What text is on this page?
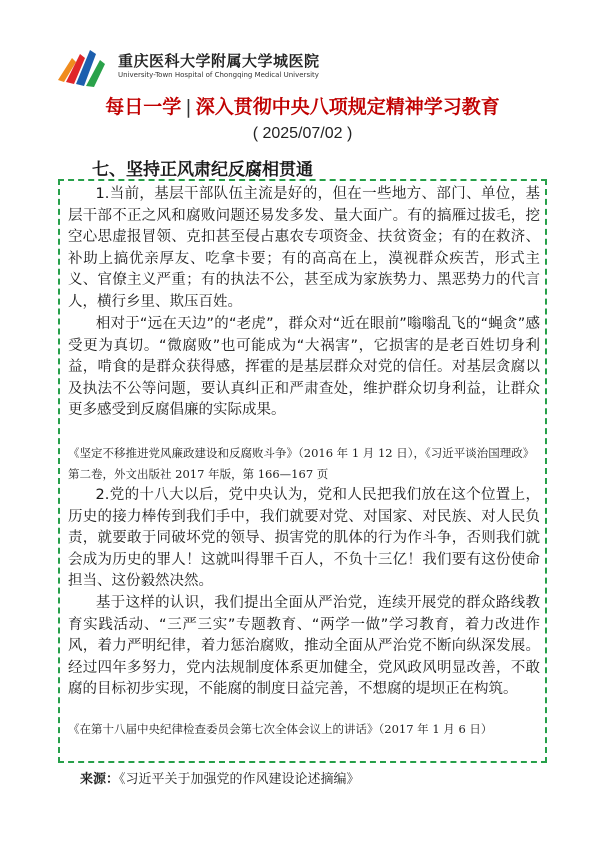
重庆医科大学附属大学城医院
University-Town Hospital of Chongqing Medical University
每日一学 | 深入贯彻中央八项规定精神学习教育
( 2025/07/02 )
七、坚持正风肃纪反腐相贯通
1.当前，基层干部队伍主流是好的，但在一些地方、部门、单位，基层干部不正之风和腐败问题还易发多发、量大面广。有的搞雁过拔毛，挖空心思虚报冒领、克扣甚至侵占惠农专项资金、扶贫资金；有的在救济、补助上搞优亲厚友、吃拿卡要；有的高高在上，漠视群众疾苦，形式主义、官僚主义严重；有的执法不公，甚至成为家族势力、黑恶势力的代言人，横行乡里、欺压百姓。
相对于“远在天边”的“老虎”，群众对“近在眼前”嗡嗡乱飞的“蝇贪”感受更为真切。“微腐败”也可能成为“大祸害”，它损害的是老百姓切身利益，啃食的是群众获得感，挥霍的是基层群众对党的信任。对基层贪腐以及执法不公等问题，要认真纠正和严肃查处，维护群众切身利益，让群众更多感受到反腐倡廉的实际成果。
《坚定不移推进党风廉政建设和反腐败斗争》（2016 年 1 月 12 日），《习近平谈治国理政》第二卷，外文出版社 2017 年版，第 166—167 页
2.党的十八大以后，党中央认为，党和人民把我们放在这个位置上，历史的接力棒传到我们手中，我们就要对党、对国家、对民族、对人民负责，就要敢于同破坏党的领导、损害党的肌体的行为作斗争，否则我们就会成为历史的罪人！这就叫得罪千百人，不负十三亿！我们要有这份使命担当、这份毅然决然。
基于这样的认识，我们提出全面从严治党，连续开展党的群众路线教育实践活动、“三严三实”专题教育、“两学一做”学习教育，着力改进作风，着力严明纪律，着力惩治腐败，推动全面从严治党不断向纵深发展。经过四年多努力，党内法规制度体系更加健全，党风政风明显改善，不敢腐的目标初步实现，不能腐的制度日益完善，不想腐的堤坝正在构筑。
《在第十八届中央纪律检查委员会第七次全体会议上的讲话》（2017 年 1 月 6 日）
来源：《习近平关于加强党的作风建设论述摘编》
